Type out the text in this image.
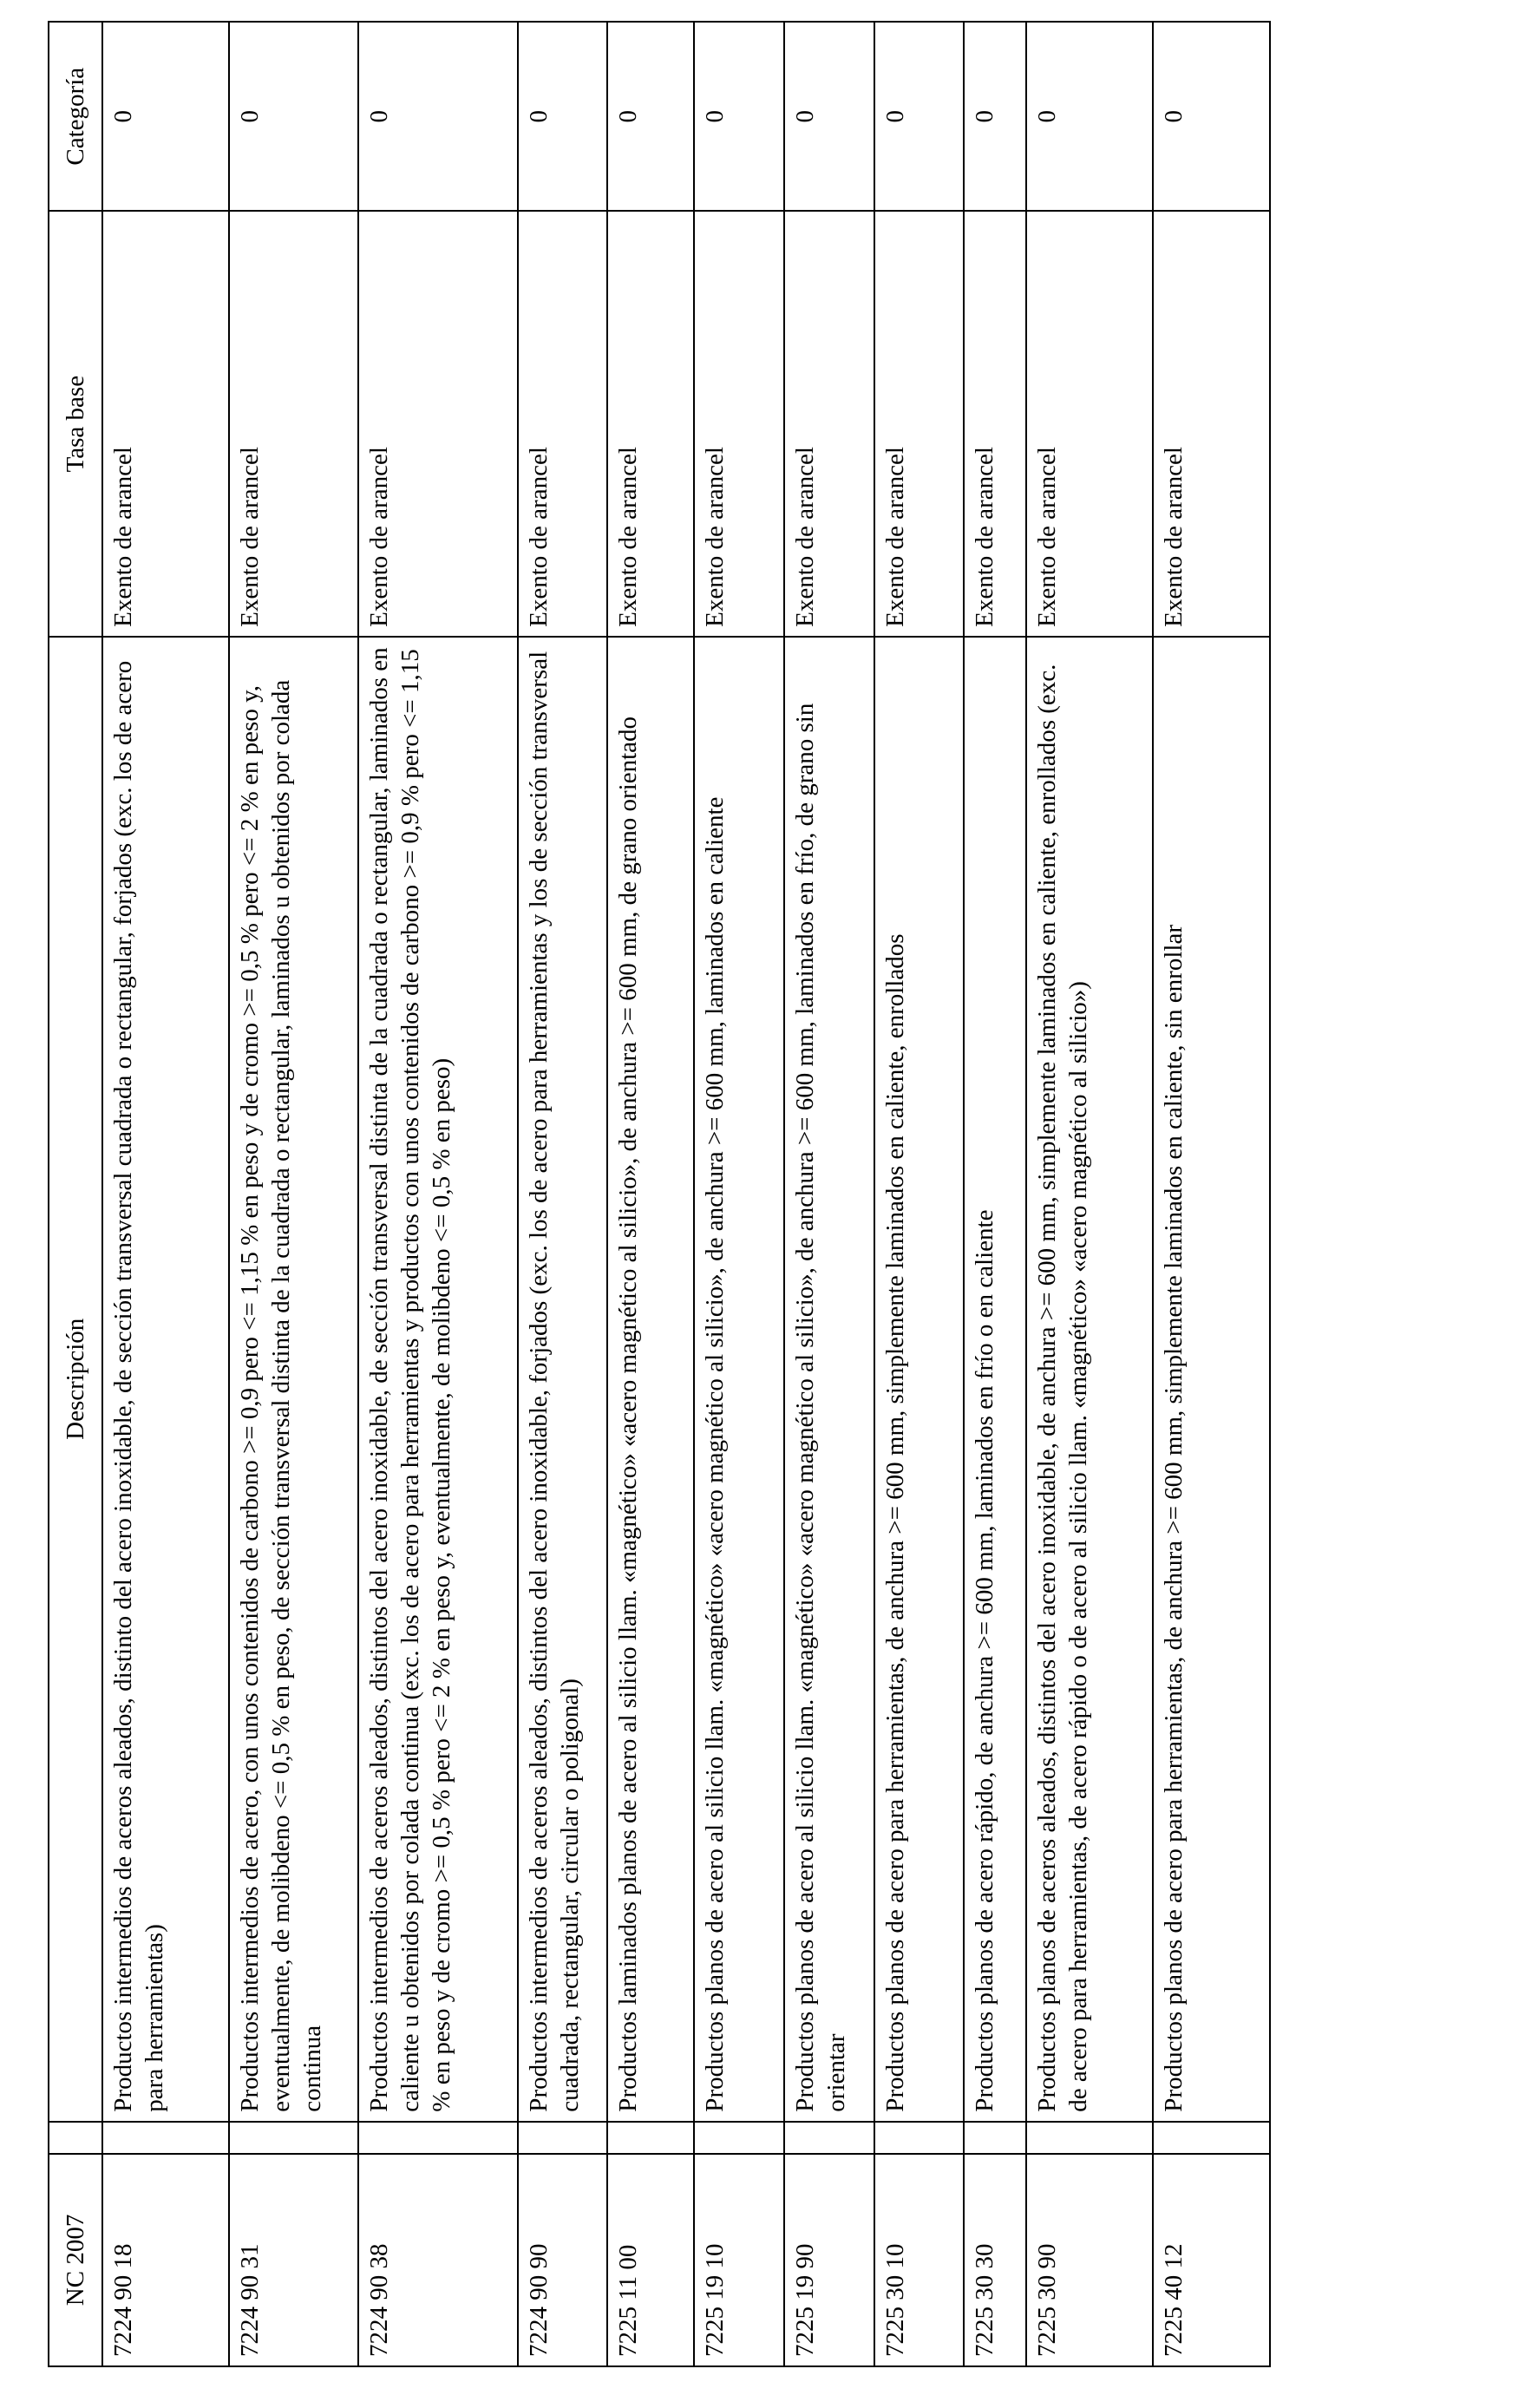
NC 2007		Descripción	Tasa base	Categoría
7224 90 18		Productos intermedios de aceros aleados, distinto del acero inoxidable, de sección transversal cuadrada o rectangular, forjados (exc. los de acero para herramientas)	Exento de arancel	0
7224 90 31		Productos intermedios de acero, con unos contenidos de carbono >= 0,9 pero <= 1,15 % en peso y de cromo >= 0,5 % pero <= 2 % en peso y, eventualmente, de molibdeno <= 0,5 % en peso, de sección transversal distinta de la cuadrada o rectangular, laminados u obtenidos por colada continua	Exento de arancel	0
7224 90 38		Productos intermedios de aceros aleados, distintos del acero inoxidable, de sección transversal distinta de la cuadrada o rectangular, laminados en caliente u obtenidos por colada continua (exc. los de acero para herramientas y productos con unos contenidos de carbono >= 0,9 % pero <= 1,15 % en peso y de cromo >= 0,5 % pero <= 2 % en peso y, eventualmente, de molibdeno <= 0,5 % en peso)	Exento de arancel	0
7224 90 90		Productos intermedios de aceros aleados, distintos del acero inoxidable, forjados (exc. los de acero para herramientas y los de sección transversal cuadrada, rectangular, circular o poligonal)	Exento de arancel	0
7225 11 00		Productos laminados planos de acero al silicio llam. «magnético» «acero magnético al silicio», de anchura >= 600 mm, de grano orientado	Exento de arancel	0
7225 19 10		Productos planos de acero al silicio llam. «magnético» «acero magnético al silicio», de anchura >= 600 mm, laminados en caliente	Exento de arancel	0
7225 19 90		Productos planos de acero al silicio llam. «magnético» «acero magnético al silicio», de anchura >= 600 mm, laminados en frío, de grano sin orientar	Exento de arancel	0
7225 30 10		Productos planos de acero para herramientas, de anchura >= 600 mm, simplemente laminados en caliente, enrollados	Exento de arancel	0
7225 30 30		Productos planos de acero rápido, de anchura >= 600 mm, laminados en frío o en caliente	Exento de arancel	0
7225 30 90		Productos planos de aceros aleados, distintos del acero inoxidable, de anchura >= 600 mm, simplemente laminados en caliente, enrollados (exc. de acero para herramientas, de acero rápido o de acero al silicio llam. «magnético» «acero magnético al silicio»)	Exento de arancel	0
7225 40 12		Productos planos de acero para herramientas, de anchura >= 600 mm, simplemente laminados en caliente, sin enrollar	Exento de arancel	0
